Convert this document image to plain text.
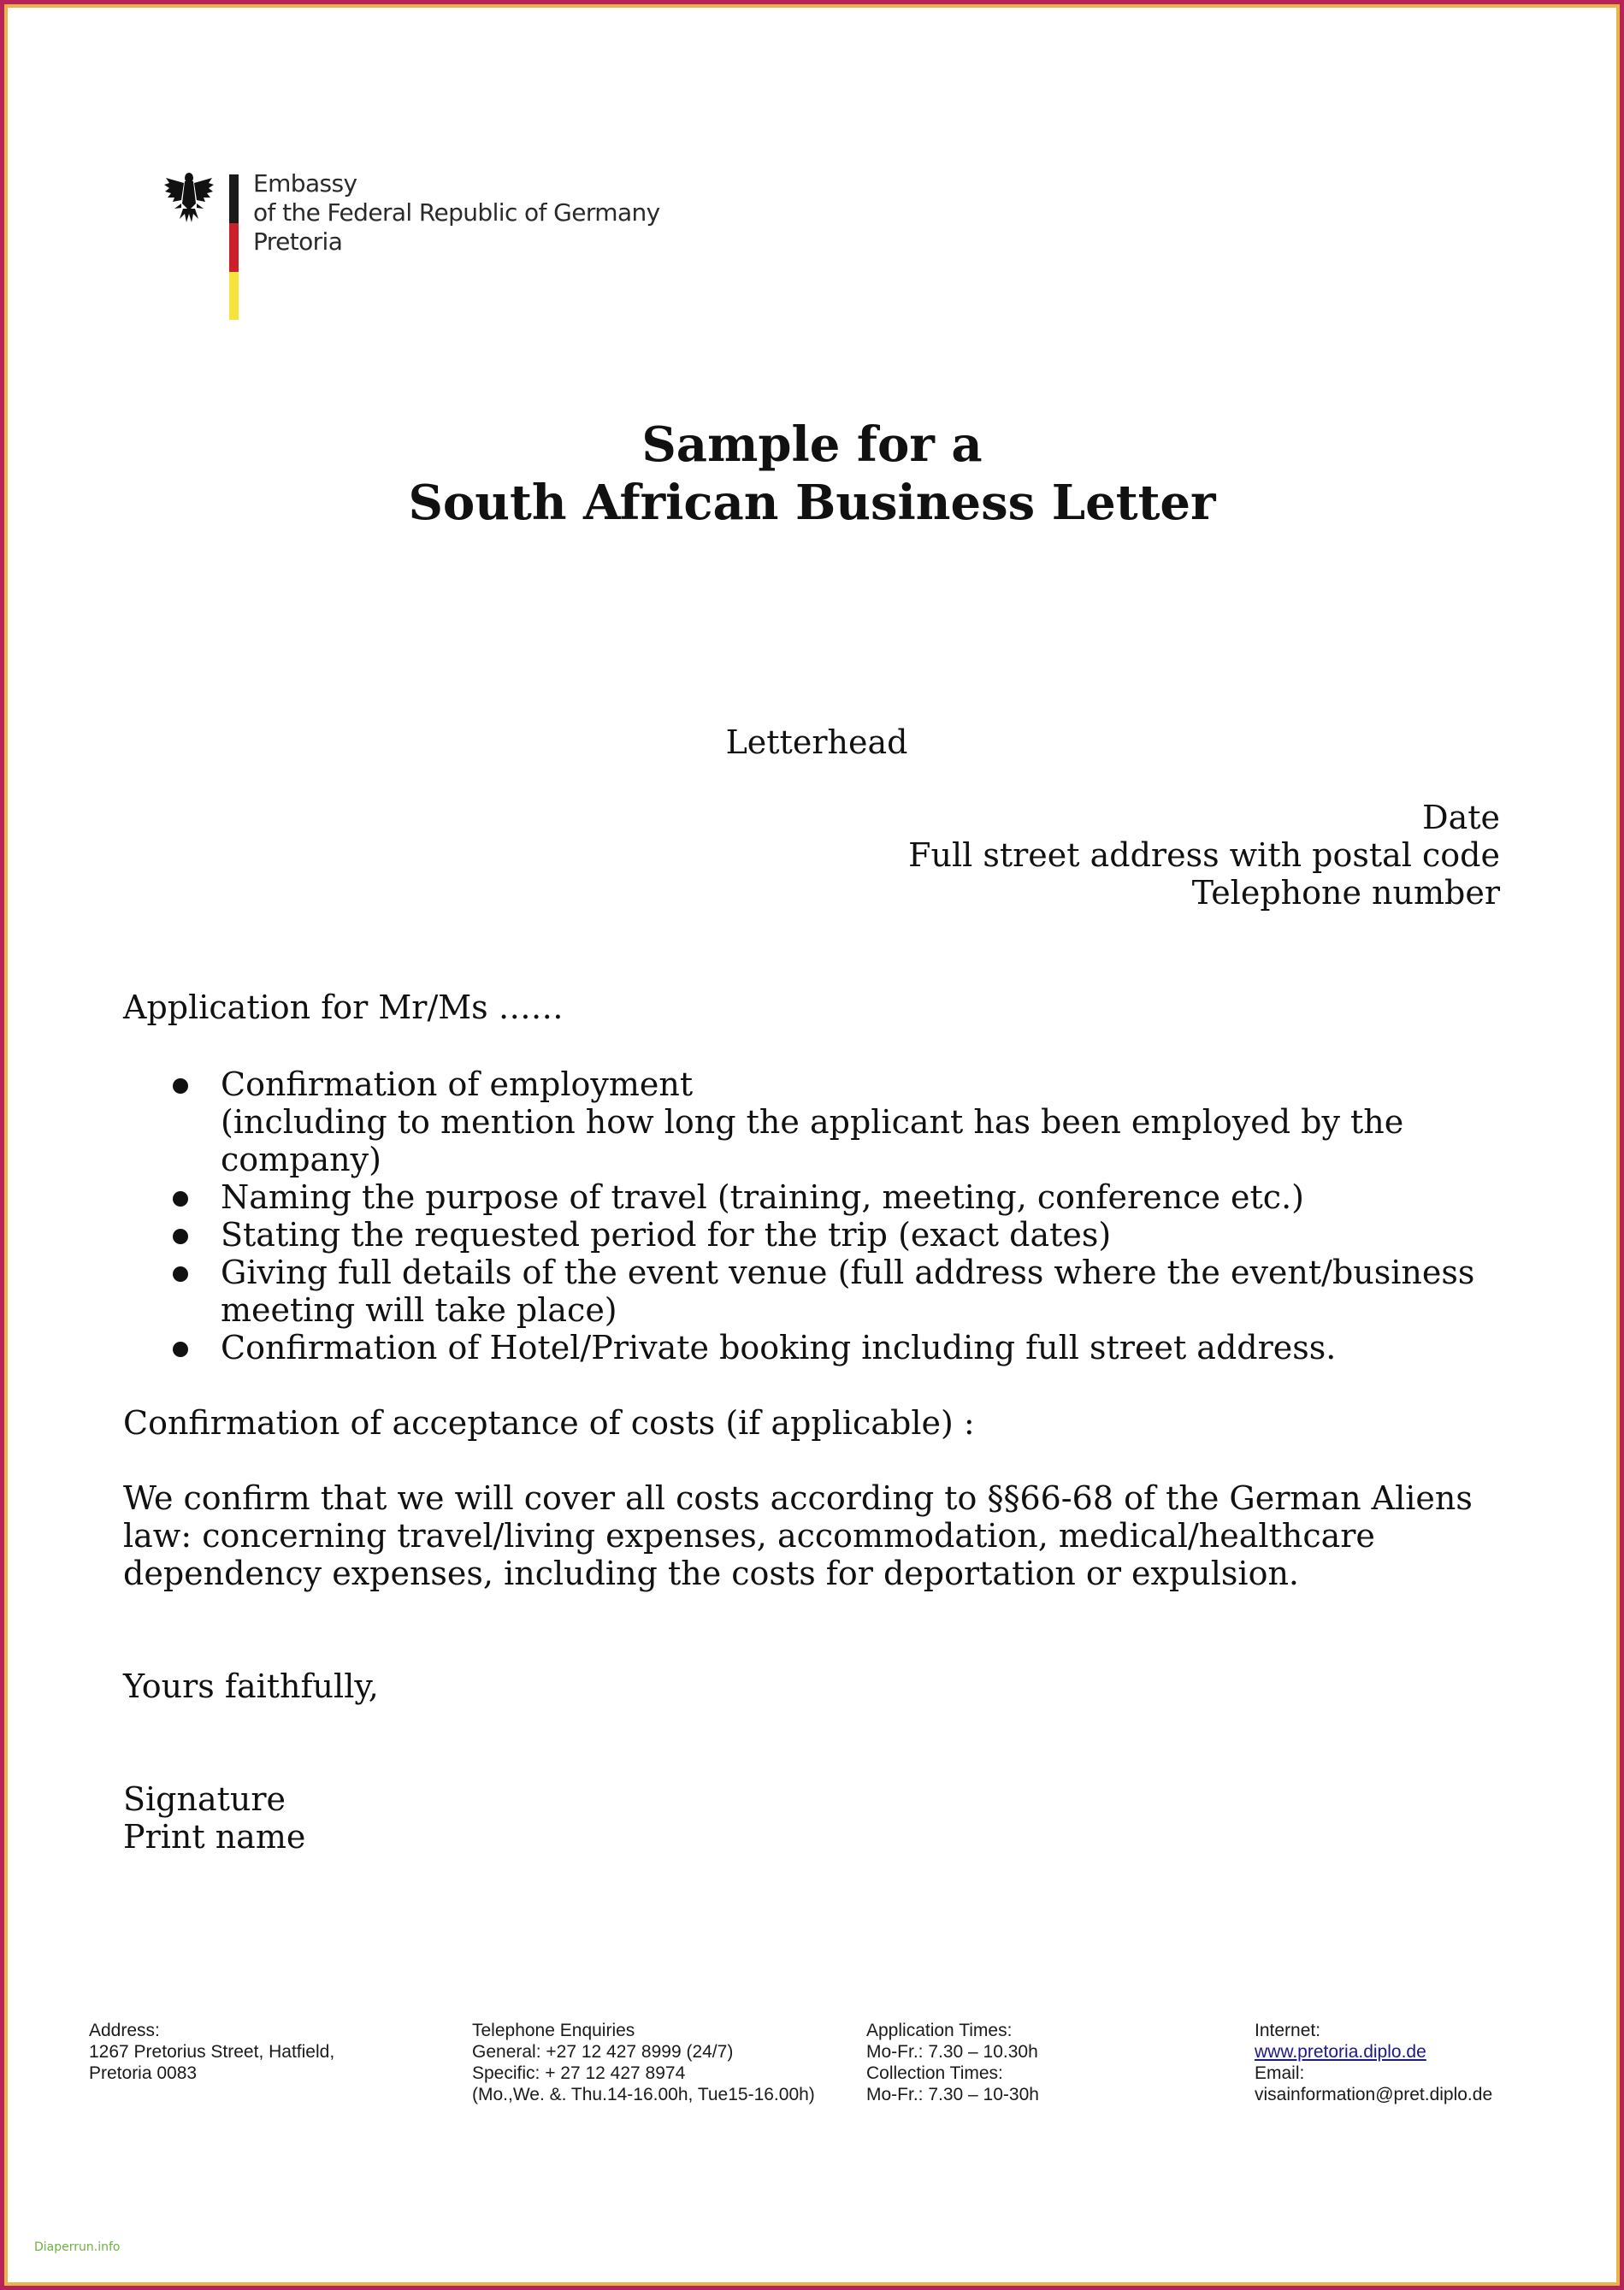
Embassy
of the Federal Republic of Germany
Pretoria
Sample for a
South African Business Letter
Letterhead
Date
Full street address with postal code
Telephone number
Application for Mr/Ms ……
Confirmation of employment
(including to mention how long the applicant has been employed by the
company)
Naming the purpose of travel (training, meeting, conference etc.)
Stating the requested period for the trip (exact dates)
Giving full details of the event venue (full address where the event/business
meeting will take place)
Confirmation of Hotel/Private booking including full street address.
Confirmation of acceptance of costs (if applicable) :
We confirm that we will cover all costs according to §§66-68 of the German Aliens
law: concerning travel/living expenses, accommodation, medical/healthcare
dependency expenses, including the costs for deportation or expulsion.
Yours faithfully,
Signature
Print name
Address:
1267 Pretorius Street, Hatfield,
Pretoria 0083
Telephone Enquiries
General: +27 12 427 8999 (24/7)
Specific: + 27 12 427 8974
(Mo.,We. &. Thu.14-16.00h, Tue15-16.00h)
Application Times:
Mo-Fr.: 7.30 – 10.30h
Collection Times:
Mo-Fr.: 7.30 – 10-30h
Internet:
www.pretoria.diplo.de
Email:
visainformation@pret.diplo.de
Diaperrun.info
